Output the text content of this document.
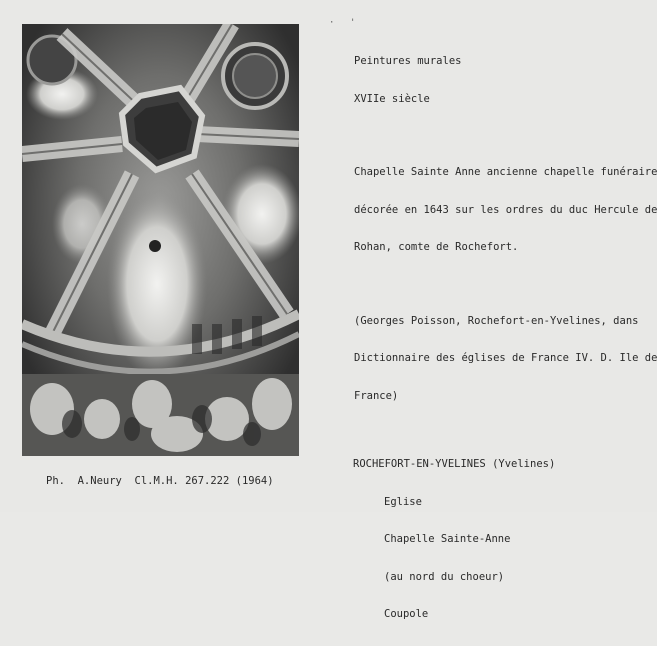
· '

Peintures murales

XVIIe siècle

Chapelle Sainte Anne ancienne chapelle funéraire

décorée en 1643 sur les ordres du duc Hercule de

Rohan, comte de Rochefort.

(Georges Poisson, Rochefort-en-Yvelines, dans

Dictionnaire des églises de France IV. D. Ile de

France)

ROCHEFORT-EN-YVELINES (Yvelines)

Eglise

Chapelle Sainte-Anne

(au nord du choeur)

Coupole

Ph.  A.Neury  Cl.M.H. 267.222 (1964)
